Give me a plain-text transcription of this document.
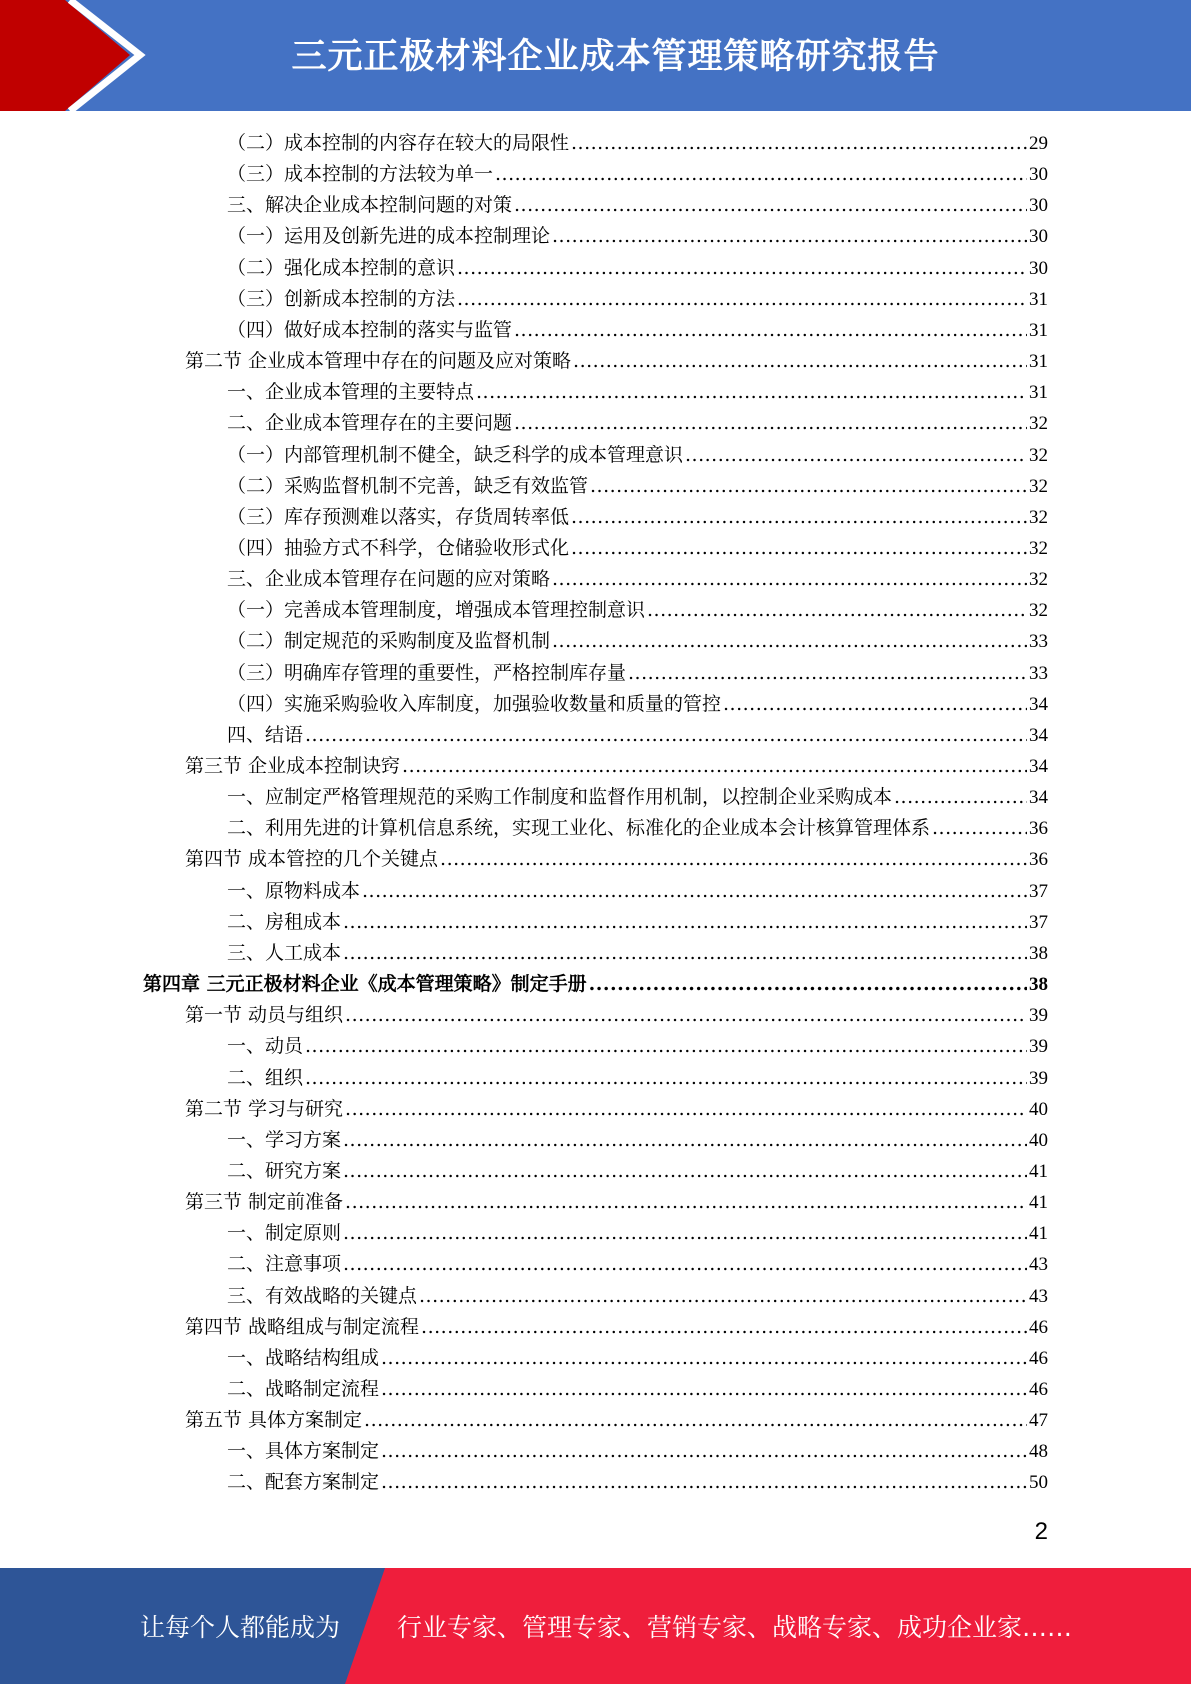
三元正极材料企业成本管理策略研究报告
（二）成本控制的内容存在较大的局限性 .....	29
（三）成本控制的方法较为单一 .....	30
三、解决企业成本控制问题的对策 .....	30
（一）运用及创新先进的成本控制理论 .....	30
（二）强化成本控制的意识 .....	30
（三）创新成本控制的方法 .....	31
（四）做好成本控制的落实与监管 .....	31
第二节 企业成本管理中存在的问题及应对策略 .....	31
一、企业成本管理的主要特点 .....	31
二、企业成本管理存在的主要问题 .....	32
（一）内部管理机制不健全，缺乏科学的成本管理意识 .....	32
（二）采购监督机制不完善，缺乏有效监管 .....	32
（三）库存预测难以落实，存货周转率低 .....	32
（四）抽验方式不科学，仓储验收形式化 .....	32
三、企业成本管理存在问题的应对策略 .....	32
（一）完善成本管理制度，增强成本管理控制意识 .....	32
（二）制定规范的采购制度及监督机制 .....	33
（三）明确库存管理的重要性，严格控制库存量 .....	33
（四）实施采购验收入库制度，加强验收数量和质量的管控 .....	34
四、结语 .....	34
第三节 企业成本控制诀窍 .....	34
一、应制定严格管理规范的采购工作制度和监督作用机制，以控制企业采购成本 .....	34
二、利用先进的计算机信息系统，实现工业化、标准化的企业成本会计核算管理体系 .....	36
第四节 成本管控的几个关键点 .....	36
一、原物料成本 .....	37
二、房租成本 .....	37
三、人工成本 .....	38
第四章 三元正极材料企业《成本管理策略》制定手册 .....	38
第一节 动员与组织 .....	39
一、动员 .....	39
二、组织 .....	39
第二节 学习与研究 .....	40
一、学习方案 .....	40
二、研究方案 .....	41
第三节 制定前准备 .....	41
一、制定原则 .....	41
二、注意事项 .....	43
三、有效战略的关键点 .....	43
第四节 战略组成与制定流程 .....	46
一、战略结构组成 .....	46
二、战略制定流程 .....	46
第五节 具体方案制定 .....	47
一、具体方案制定 .....	48
二、配套方案制定 .....	50
2
让每个人都能成为 行业专家、管理专家、营销专家、战略专家、成功企业家……
